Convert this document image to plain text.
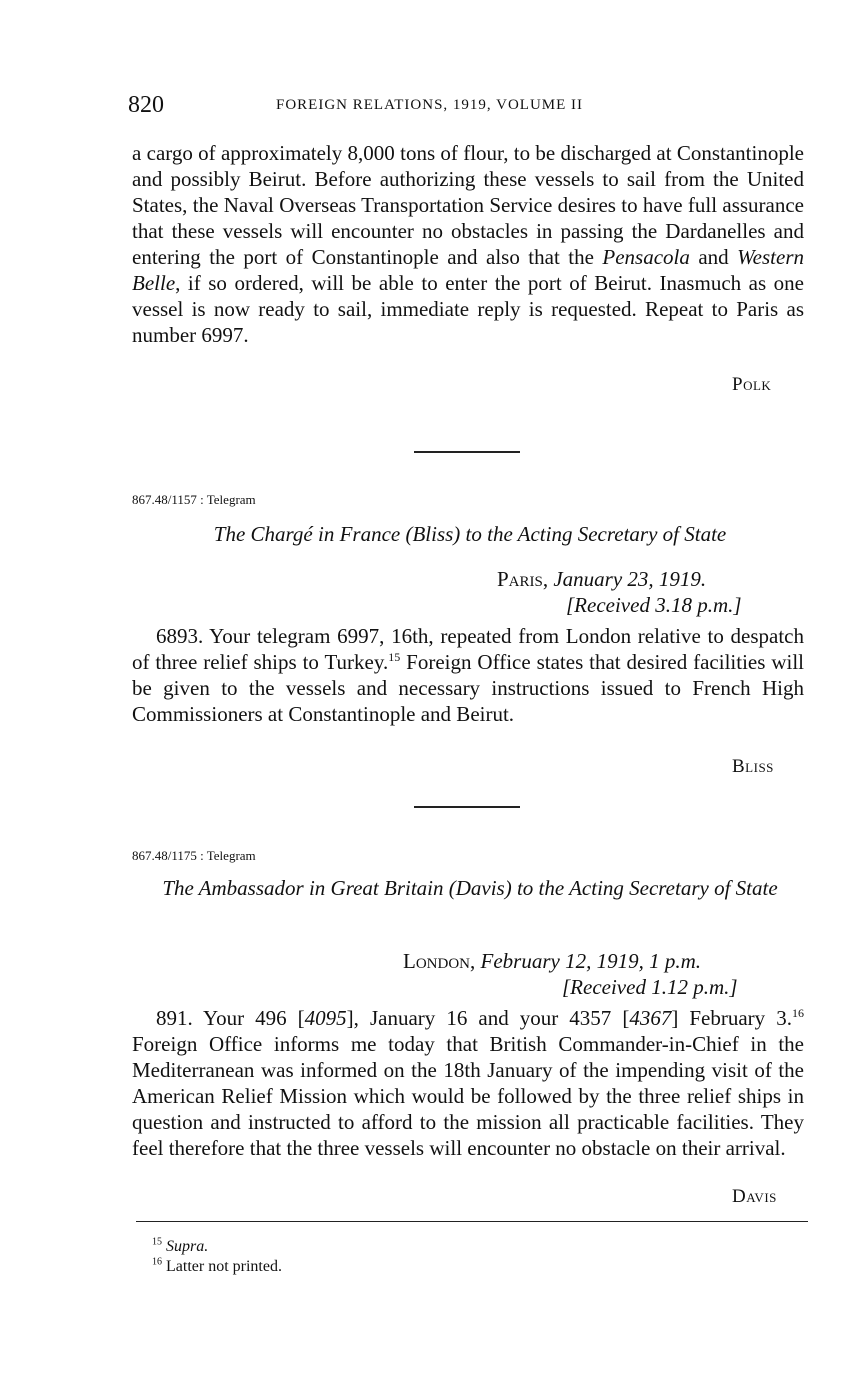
820	FOREIGN RELATIONS, 1919, VOLUME II
a cargo of approximately 8,000 tons of flour, to be discharged at Constantinople and possibly Beirut. Before authorizing these vessels to sail from the United States, the Naval Overseas Transportation Service desires to have full assurance that these vessels will encounter no obstacles in passing the Dardanelles and entering the port of Constantinople and also that the Pensacola and Western Belle, if so ordered, will be able to enter the port of Beirut. Inasmuch as one vessel is now ready to sail, immediate reply is requested. Repeat to Paris as number 6997.
Polk
867.48/1157 : Telegram
The Chargé in France (Bliss) to the Acting Secretary of State
Paris, January 23, 1919.
[Received 3.18 p.m.]
6893. Your telegram 6997, 16th, repeated from London relative to despatch of three relief ships to Turkey.$^{15}$ Foreign Office states that desired facilities will be given to the vessels and necessary instructions issued to French High Commissioners at Constantinople and Beirut.
Bliss
867.48/1175 : Telegram
The Ambassador in Great Britain (Davis) to the Acting Secretary of State
London, February 12, 1919, 1 p.m.
[Received 1.12 p.m.]
891. Your 496 [4095], January 16 and your 4357 [4367] February 3.16 Foreign Office informs me today that British Commander-in-Chief in the Mediterranean was informed on the 18th January of the impending visit of the American Relief Mission which would be followed by the three relief ships in question and instructed to afford to the mission all practicable facilities. They feel therefore that the three vessels will encounter no obstacle on their arrival.
Davis
$^{15}$ Supra.
$^{16}$ Latter not printed.
